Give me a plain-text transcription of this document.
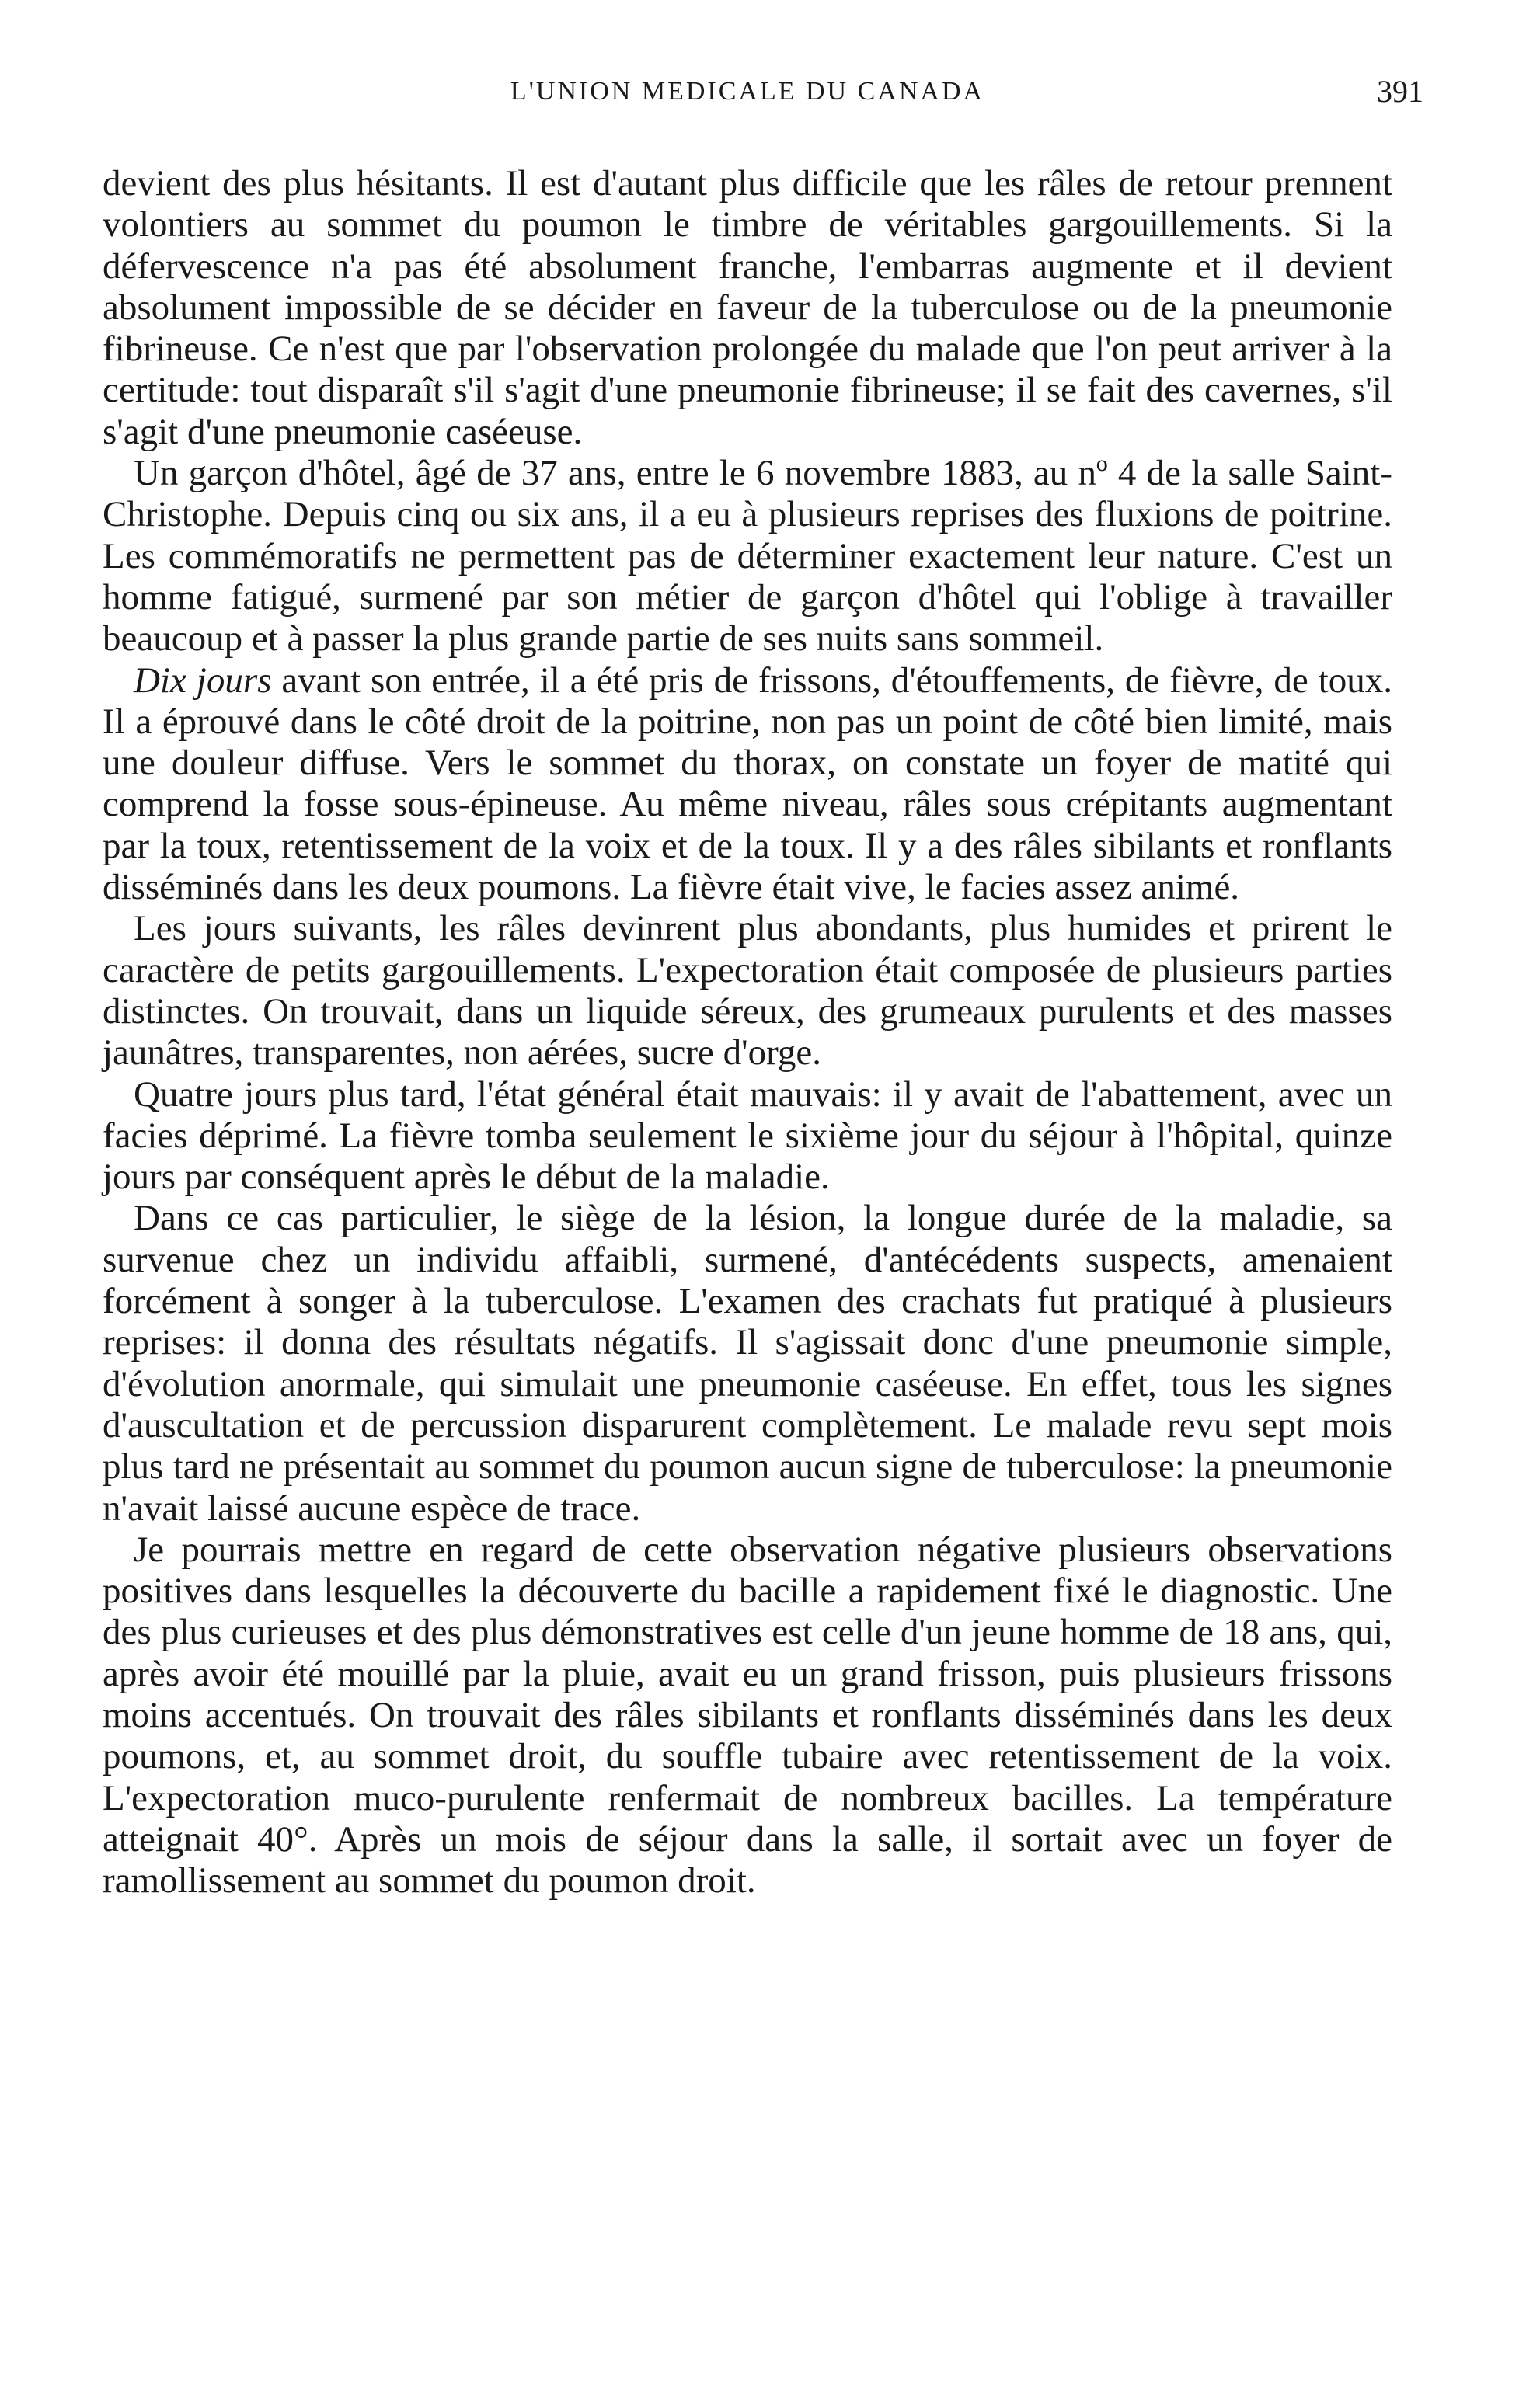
L'UNION MEDICALE DU CANADA	391

devient des plus hésitants. Il est d'autant plus difficile que les râles de retour prennent volontiers au sommet du poumon le timbre de véritables gargouillements. Si la défervescence n'a pas été absolument franche, l'embarras augmente et il devient absolument impossible de se décider en faveur de la tuberculose ou de la pneumonie fibrineuse. Ce n'est que par l'observation prolongée du malade que l'on peut arriver à la certitude: tout disparaît s'il s'agit d'une pneumonie fibrineuse; il se fait des cavernes, s'il s'agit d'une pneumonie caséeuse.

Un garçon d'hôtel, âgé de 37 ans, entre le 6 novembre 1883, au nº 4 de la salle Saint-Christophe. Depuis cinq ou six ans, il a eu à plusieurs reprises des fluxions de poitrine. Les commémoratifs ne permettent pas de déterminer exactement leur nature. C'est un homme fatigué, surmené par son métier de garçon d'hôtel qui l'oblige à travailler beaucoup et à passer la plus grande partie de ses nuits sans sommeil.

Dix jours avant son entrée, il a été pris de frissons, d'étouffements, de fièvre, de toux. Il a éprouvé dans le côté droit de la poitrine, non pas un point de côté bien limité, mais une douleur diffuse. Vers le sommet du thorax, on constate un foyer de matité qui comprend la fosse sous-épineuse. Au même niveau, râles sous crépitants augmentant par la toux, retentissement de la voix et de la toux. Il y a des râles sibilants et ronflants disséminés dans les deux poumons. La fièvre était vive, le facies assez animé.

Les jours suivants, les râles devinrent plus abondants, plus humides et prirent le caractère de petits gargouillements. L'expectoration était composée de plusieurs parties distinctes. On trouvait, dans un liquide séreux, des grumeaux purulents et des masses jaunâtres, transparentes, non aérées, sucre d'orge.

Quatre jours plus tard, l'état général était mauvais: il y avait de l'abattement, avec un facies déprimé. La fièvre tomba seulement le sixième jour du séjour à l'hôpital, quinze jours par conséquent après le début de la maladie.

Dans ce cas particulier, le siège de la lésion, la longue durée de la maladie, sa survenue chez un individu affaibli, surmené, d'antécédents suspects, amenaient forcément à songer à la tuberculose. L'examen des crachats fut pratiqué à plusieurs reprises: il donna des résultats négatifs. Il s'agissait donc d'une pneumonie simple, d'évolution anormale, qui simulait une pneumonie caséeuse. En effet, tous les signes d'auscultation et de percussion disparurent complètement. Le malade revu sept mois plus tard ne présentait au sommet du poumon aucun signe de tuberculose: la pneumonie n'avait laissé aucune espèce de trace.

Je pourrais mettre en regard de cette observation négative plusieurs observations positives dans lesquelles la découverte du bacille a rapidement fixé le diagnostic. Une des plus curieuses et des plus démonstratives est celle d'un jeune homme de 18 ans, qui, après avoir été mouillé par la pluie, avait eu un grand frisson, puis plusieurs frissons moins accentués. On trouvait des râles sibilants et ronflants disséminés dans les deux poumons, et, au sommet droit, du souffle tubaire avec retentissement de la voix. L'expectoration muco-purulente renfermait de nombreux bacilles. La température atteignait 40°. Après un mois de séjour dans la salle, il sortait avec un foyer de ramollissement au sommet du poumon droit.
